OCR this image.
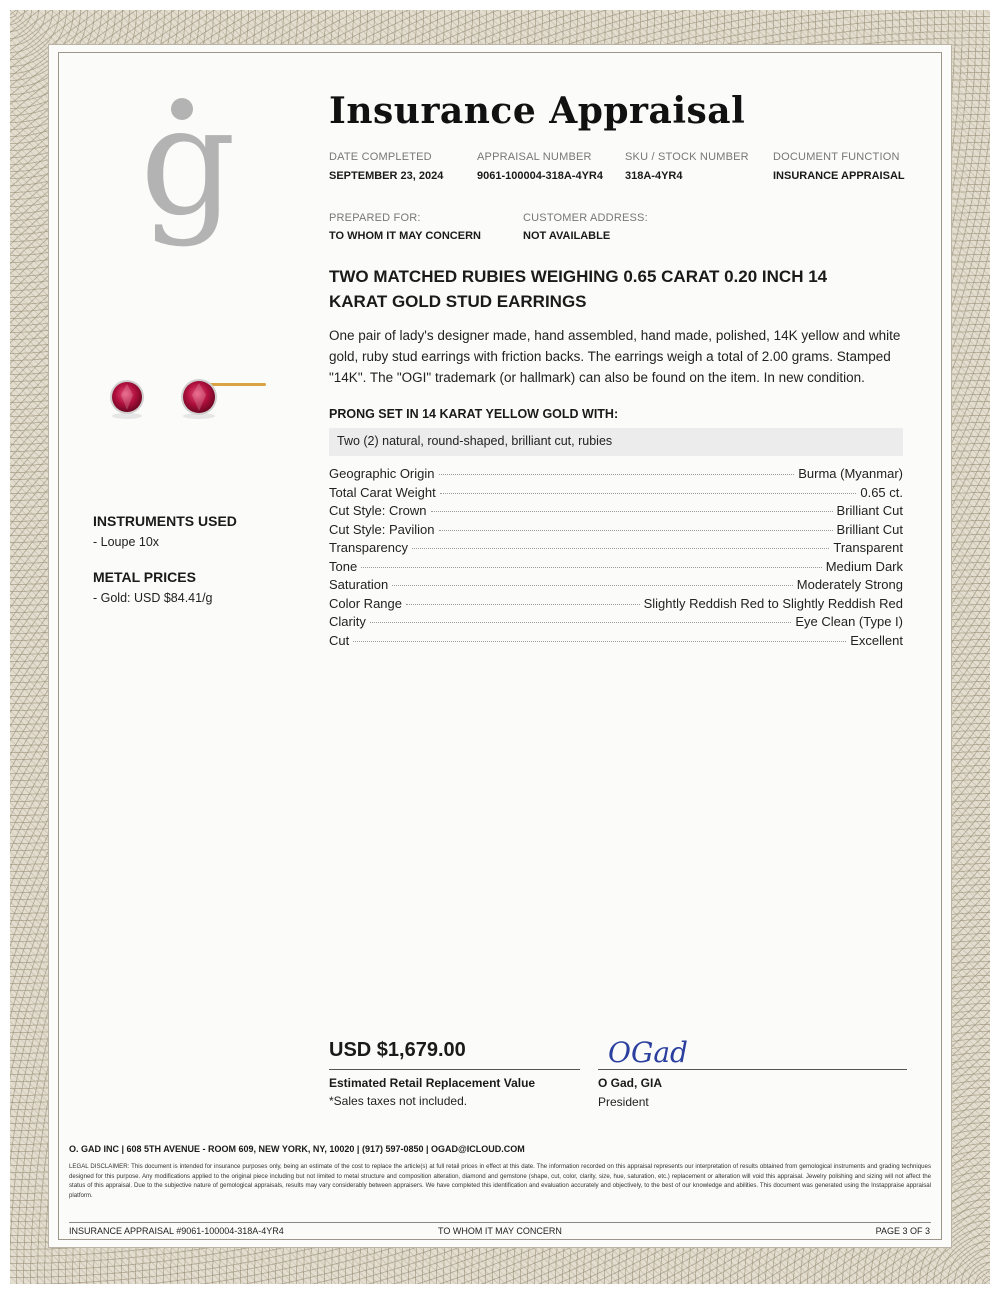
g	Insurance Appraisal
DATE COMPLETED
SEPTEMBER 23, 2024
APPRAISAL NUMBER
9061-100004-318A-4YR4
SKU / STOCK NUMBER
318A-4YR4
DOCUMENT FUNCTION
INSURANCE APPRAISAL
PREPARED FOR:
TO WHOM IT MAY CONCERN
CUSTOMER ADDRESS:
NOT AVAILABLE
INSTRUMENTS USED
- Loupe 10x
METAL PRICES
- Gold: USD $84.41/g
TWO MATCHED RUBIES WEIGHING 0.65 CARAT 0.20 INCH 14 KARAT GOLD STUD EARRINGS
One pair of lady's designer made, hand assembled, hand made, polished, 14K yellow and white gold, ruby stud earrings with friction backs. The earrings weigh a total of 2.00 grams. Stamped "14K". The "OGI" trademark (or hallmark) can also be found on the item. In new condition.
PRONG SET IN 14 KARAT YELLOW GOLD WITH:
Two (2) natural, round-shaped, brilliant cut, rubies
Geographic Origin	Burma (Myanmar)
Total Carat Weight	0.65 ct.
Cut Style: Crown	Brilliant Cut
Cut Style: Pavilion	Brilliant Cut
Transparency	Transparent
Tone	Medium Dark
Saturation	Moderately Strong
Color Range	Slightly Reddish Red to Slightly Reddish Red
Clarity	Eye Clean (Type I)
Cut	Excellent
USD $1,679.00
Estimated Retail Replacement Value
*Sales taxes not included.
OGad
O Gad, GIA
President
O. GAD INC | 608 5TH AVENUE - ROOM 609, NEW YORK, NY, 10020 | (917) 597-0850 | OGAD@ICLOUD.COM
LEGAL DISCLAIMER: This document is intended for insurance purposes only, being an estimate of the cost to replace the article(s) at full retail prices in effect at this date. The information recorded on this appraisal represents our interpretation of results obtained from gemological instruments and grading techniques designed for this purpose. Any modifications applied to the original piece including but not limited to metal structure and composition alteration, diamond and gemstone (shape, cut, color, clarity, size, hue, saturation, etc.) replacement or alteration will void this appraisal. Jewelry polishing and sizing will not affect the status of this appraisal. Due to the subjective nature of gemological appraisals, results may vary considerably between appraisers. We have completed this identification and evaluation accurately and objectively, to the best of our knowledge and abilities. This document was generated using the Instappraise appraisal platform.
INSURANCE APPRAISAL #9061-100004-318A-4YR4	TO WHOM IT MAY CONCERN	PAGE 3 OF 3
